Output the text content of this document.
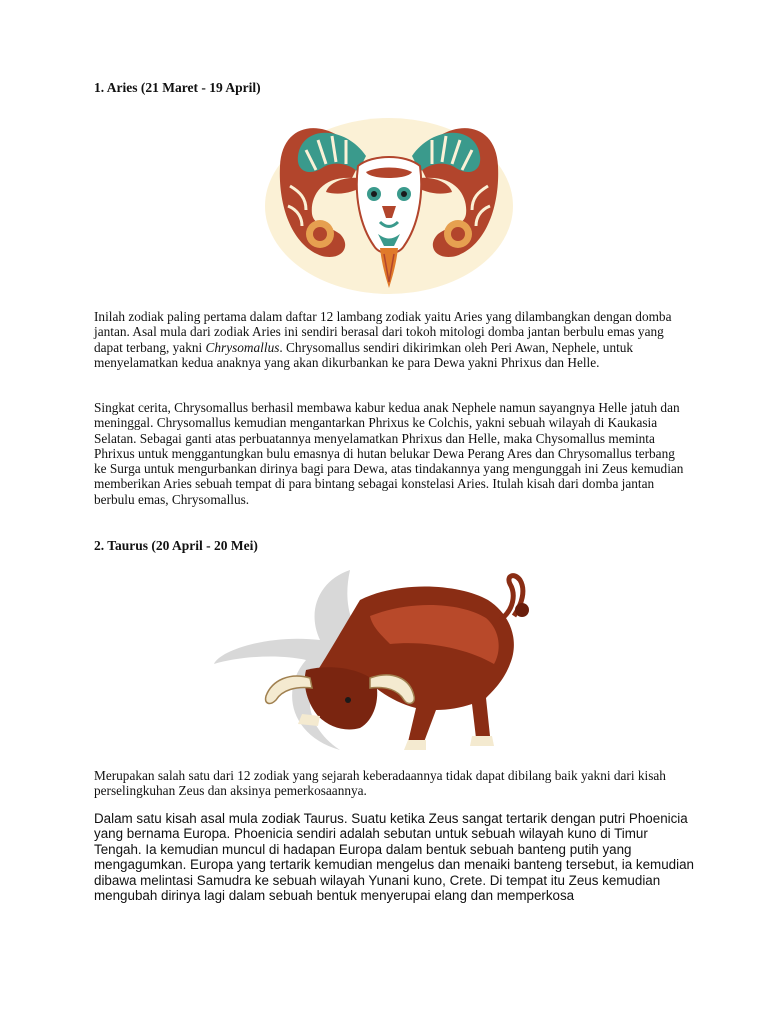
1. Aries (21 Maret - 19 April)

Inilah zodiak paling pertama dalam daftar 12 lambang zodiak yaitu Aries yang dilambangkan dengan domba jantan. Asal mula dari zodiak Aries ini sendiri berasal dari tokoh mitologi domba jantan berbulu emas yang dapat terbang, yakni Chrysomallus. Chrysomallus sendiri dikirimkan oleh Peri Awan, Nephele, untuk menyelamatkan kedua anaknya yang akan dikurbankan ke para Dewa yakni Phrixus dan Helle.

Singkat cerita, Chrysomallus berhasil membawa kabur kedua anak Nephele namun sayangnya Helle jatuh dan meninggal. Chrysomallus kemudian mengantarkan Phrixus ke Colchis, yakni sebuah wilayah di Kaukasia Selatan. Sebagai ganti atas perbuatannya menyelamatkan Phrixus dan Helle, maka Chysomallus meminta Phrixus untuk menggantungkan bulu emasnya di hutan belukar Dewa Perang Ares dan Chrysomallus terbang ke Surga untuk mengurbankan dirinya bagi para Dewa, atas tindakannya yang mengunggah ini Zeus kemudian memberikan Aries sebuah tempat di para bintang sebagai konstelasi Aries. Itulah kisah dari domba jantan berbulu emas, Chrysomallus.

2. Taurus (20 April - 20 Mei)

Merupakan salah satu dari 12 zodiak yang sejarah keberadaannya tidak dapat dibilang baik yakni dari kisah perselingkuhan Zeus dan aksinya pemerkosaannya.

Dalam satu kisah asal mula zodiak Taurus. Suatu ketika Zeus sangat tertarik dengan putri Phoenicia yang bernama Europa. Phoenicia sendiri adalah sebutan untuk sebuah wilayah kuno di Timur Tengah. Ia kemudian muncul di hadapan Europa dalam bentuk sebuah banteng putih yang mengagumkan. Europa yang tertarik kemudian mengelus dan menaiki banteng tersebut, ia kemudian dibawa melintasi Samudra ke sebuah wilayah Yunani kuno, Crete. Di tempat itu Zeus kemudian mengubah dirinya lagi dalam sebuah bentuk menyerupai elang dan memperkosa
